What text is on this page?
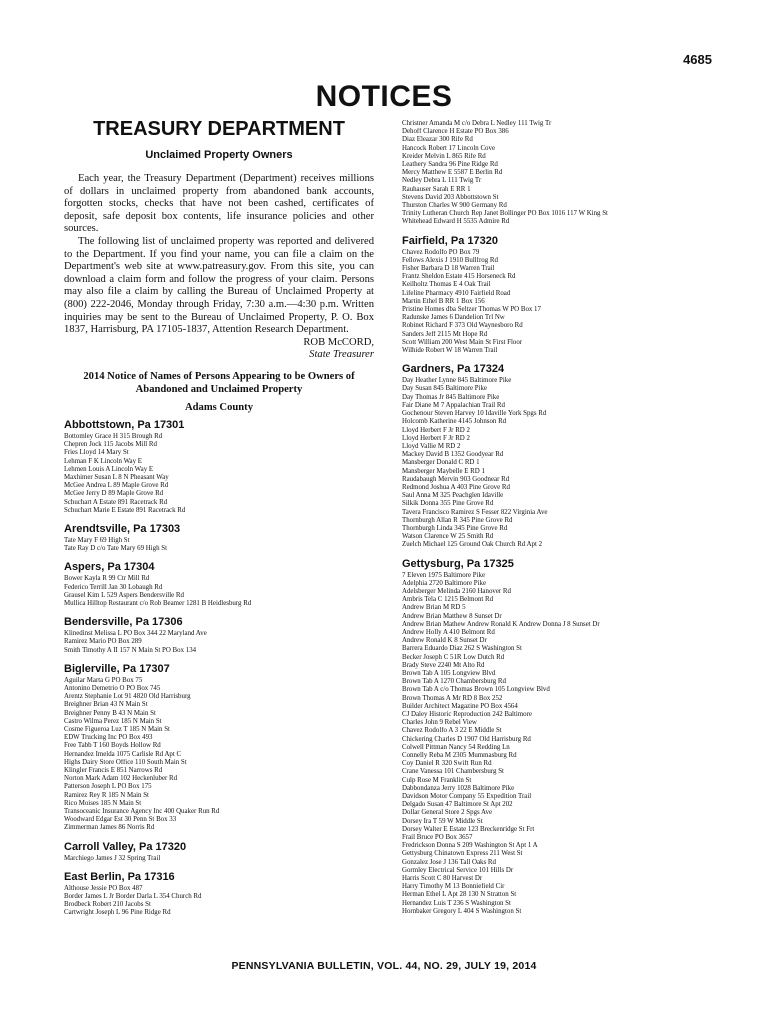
4685
NOTICES
TREASURY DEPARTMENT
Unclaimed Property Owners

Each year, the Treasury Department (Department) receives millions of dollars in unclaimed property from abandoned bank accounts, forgotten stocks, checks that have not been cashed, certificates of deposit, safe deposit box contents, life insurance policies and other sources.

The following list of unclaimed property was reported and delivered to the Department. If you find your name, you can file a claim on the Department's web site at www.patreasury.gov. From this site, you can download a claim form and follow the progress of your claim. Persons may also file a claim by calling the Bureau of Unclaimed Property at (800) 222-2046, Monday through Friday, 7:30 a.m.—4:30 p.m. Written inquiries may be sent to the Bureau of Unclaimed Property, P. O. Box 1837, Harrisburg, PA 17105-1837, Attention Research Department.

ROB McCORD,
State Treasurer
2014 Notice of Names of Persons Appearing to be Owners of Abandoned and Unclaimed Property
Adams County
Abbottstown, Pa 17301
Bottomley Grace H 315 Brough Rd
Chepren Jock 115 Jacobs Mill Rd
Fries Lloyd 14 Mary St
Lehman F K Lincoln Way E
Lehmen Louis A Lincoln Way E
Maxhimer Susan L 8 N Pheasant Way
McGee Andrea L 89 Maple Grove Rd
McGee Jerry D 89 Maple Grove Rd
Schuchart A Estate 891 Racetrack Rd
Schuchart Marie E Estate 891 Racetrack Rd
Arendtsville, Pa 17303
Tate Mary F 69 High St
Tate Ray D c/o Tate Mary 69 High St
Aspers, Pa 17304
Bower Kayla R 99 Ctr Mill Rd
Federico Terrill Jan 30 Lobaugh Rd
Grausel Kim L 529 Aspers Bendersville Rd
Mullica Hilltop Restaurant c/o Rob Beamer 1281 B Heidlesburg Rd
Bendersville, Pa 17306
Klinedinst Melissa L PO Box 344 22 Maryland Ave
Ramirez Mario PO Box 289
Smith Timothy A II 157 N Main St PO Box 134
Biglerville, Pa 17307
Aguilar Marta G PO Box 75
Antonino Demetrio O PO Box 745
Arentz Stephanie Lot 91 4820 Old Harrisburg
Breighner Brian 43 N Main St
Breighner Penny B 43 N Main St
Castro Wilma Perez 185 N Main St
Cosme Figueroa Luz T 185 N Main St
EDW Trucking Inc PO Box 493
Free Tabb T 160 Boyds Hollow Rd
Hernandez Imelda 1075 Carlisle Rd Apt C
Highs Dairy Store Office 110 South Main St
Klingler Francis E 851 Narrows Rd
Norton Mark Adam 102 Heckenluber Rd
Patterson Joseph L PO Box 175
Ramirez Rey R 185 N Main St
Rico Moises 185 N Main St
Transoceanic Insurance Agency Inc 400 Quaker Run Rd
Woodward Edgar Est 30 Penn St Box 33
Zimmerman James 86 Norris Rd
Carroll Valley, Pa 17320
Marchiego James J 32 Spring Trail
East Berlin, Pa 17316
Althouse Jessie PO Box 487
Border James L Jr Border Darla L 354 Church Rd
Brodbeck Robert 210 Jacobs St
Cartwright Joseph L 96 Pine Ridge Rd
Christner Amanda M c/o Debra L Nedley 111 Twig Tr
Dehoff Clarence H Estate PO Box 386
Diaz Eleazar 300 Rife Rd
Hancock Robert 17 Lincoln Cove
Kreider Melvin L 865 Rife Rd
Leathery Sandra 96 Pine Ridge Rd
Mercy Matthew E 5587 E Berlin Rd
Nedley Debra L 111 Twig Tr
Rauhauser Sarah E RR 1
Stevens David 203 Abbottstown St
Thurston Charles W 900 Germany Rd
Trinity Lutheran Church Rep Janet Bollinger PO Box 1016 117 W King St
Whitehead Edward H 5535 Admire Rd
Fairfield, Pa 17320
Chavez Rodolfo PO Box 79
Fellows Alexis J 1910 Bullfrog Rd
Fisher Barbara D 18 Warren Trail
Frantz Sheldon Estate 415 Horseneck Rd
Keilholtz Thomas E 4 Oak Trail
Lifeline Pharmacy 4910 Fairfield Road
Martin Ethel B RR 1 Box 156
Pristine Homes dba Seltzer Thomas W PO Box 17
Radunske James 6 Dandelion Trl Nw
Robinet Richard F 373 Old Waynesboro Rd
Sanders Jeff 2115 Mt Hope Rd
Scott William 200 West Main St First Floor
Wilhide Robert W 18 Warren Trail
Gardners, Pa 17324
Day Heather Lynne 845 Baltimore Pike
Day Susan 845 Baltimore Pike
Day Thomas Jr 845 Baltimore Pike
Fair Diane M 7 Appalachian Trail Rd
Gochenour Steven Harvey 10 Idaville York Spgs Rd
Holcomb Katherine 4145 Johnson Rd
Lloyd Herbert F Jr RD 2
Lloyd Herbert F Jr RD 2
Lloyd Vallie M RD 2
Mackey David B 1352 Goodyear Rd
Mansberger Donald C RD 1
Mansberger Maybelle E RD 1
Raudabaugh Mervin 903 Goodnear Rd
Redmond Joshua A 403 Pine Grove Rd
Saul Anna M 325 Peachglen Idaville
Silkik Donna 355 Pine Grove Rd
Tavera Francisco Ramirez S Fesser 822 Virginia Ave
Thornburgh Allan R 345 Pine Grove Rd
Thornburgh Linda 345 Pine Grove Rd
Watson Clarence W 25 Smith Rd
Zuelch Michael 125 Ground Oak Church Rd Apt 2
Gettysburg, Pa 17325
7 Eleven 1975 Baltimore Pike
Adelphia 2720 Baltimore Pike
Adelsberger Melinda 2160 Hanover Rd
Ambris Tela C 1215 Belmont Rd
Andrew Brian M RD 5
Andrew Brian Matthew 8 Sunset Dr
Andrew Brian Mathew Andrew Ronald K Andrew Donna J 8 Sunset Dr
Andrew Holly A 410 Belmont Rd
Andrew Ronald K 8 Sunset Dr
Barrera Eduardo Diaz 262 S Washington St
Becker Joseph C 51R Low Dutch Rd
Brady Steve 2240 Mt Alto Rd
Brown Tab A 105 Longview Blvd
Brown Tab A 1270 Chambersburg Rd
Brown Tab A c/o Thomas Brown 105 Longview Blvd
Brown Thomas A Mr RD 8 Box 252
Builder Architect Magazine PO Box 4564
CJ Daley Historic Reproduction 242 Baltimore
Charles John 9 Rebel View
Chavez Rodolfo A 3 22 E Middle St
Chickering Charles D 1907 Old Harrisburg Rd
Colwell Pittman Nancy 54 Redding Ln
Connelly Reba M 2305 Mummasburg Rd
Coy Daniel R 320 Swift Run Rd
Crane Vanessa 101 Chambersburg St
Culp Rose M Franklin St
Dabbondanza Jerry 1028 Baltimore Pike
Davidson Motor Company 55 Expedition Trail
Delgado Susan 47 Baltimore St Apt 202
Dollar General Store 2 Spgs Ave
Dorsey Ira T 59 W Middle St
Dorsey Walter E Estate 123 Breckenridge St Frt
Frail Bruce PO Box 3657
Fredrickson Donna S 209 Washington St Apt 1 A
Gettysburg Chinatown Express 211 West St
Gonzalez Jose J 136 Tall Oaks Rd
Gormley Electrical Service 101 Hills Dr
Harris Scott C 80 Harvest Dr
Harry Timothy M 13 Bonniefield Cir
Herman Ethel L Apt 28 130 N Stratton St
Hernandez Luis T 236 S Washington St
Hornbaker Gregory L 404 S Washington St
PENNSYLVANIA BULLETIN, VOL. 44, NO. 29, JULY 19, 2014
